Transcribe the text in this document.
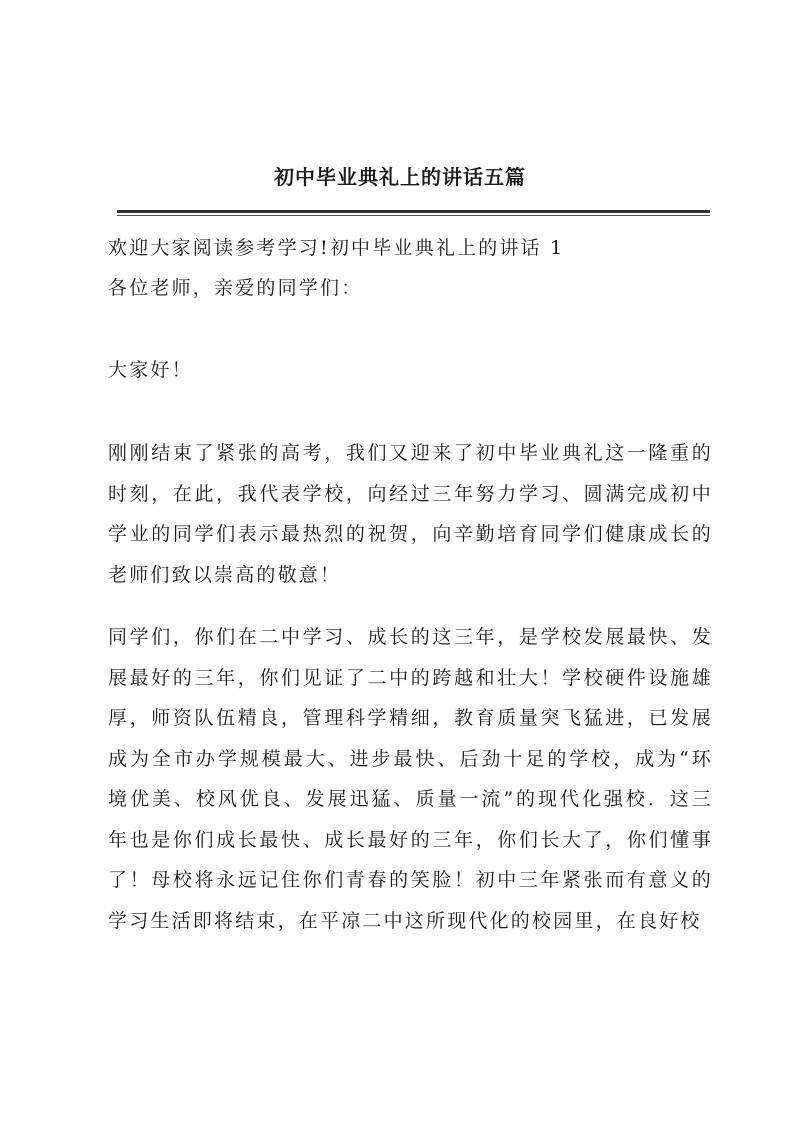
初中毕业典礼上的讲话五篇

欢迎大家阅读参考学习!初中毕业典礼上的讲话 1

各位老师，亲爱的同学们：

大家好！

刚刚结束了紧张的高考，我们又迎来了初中毕业典礼这一隆重的时刻，在此，我代表学校，向经过三年努力学习、圆满完成初中学业的同学们表示最热烈的祝贺，向辛勤培育同学们健康成长的老师们致以崇高的敬意！

同学们，你们在二中学习、成长的这三年，是学校发展最快、发展最好的三年，你们见证了二中的跨越和壮大！学校硬件设施雄厚，师资队伍精良，管理科学精细，教育质量突飞猛进，已发展成为全市办学规模最大、进步最快、后劲十足的学校，成为“环境优美、校风优良、发展迅猛、质量一流”的现代化强校．这三年也是你们成长最快、成长最好的三年，你们长大了，你们懂事了！母校将永远记住你们青春的笑脸！初中三年紧张而有意义的学习生活即将结束，在平凉二中这所现代化的校园里，在良好校
